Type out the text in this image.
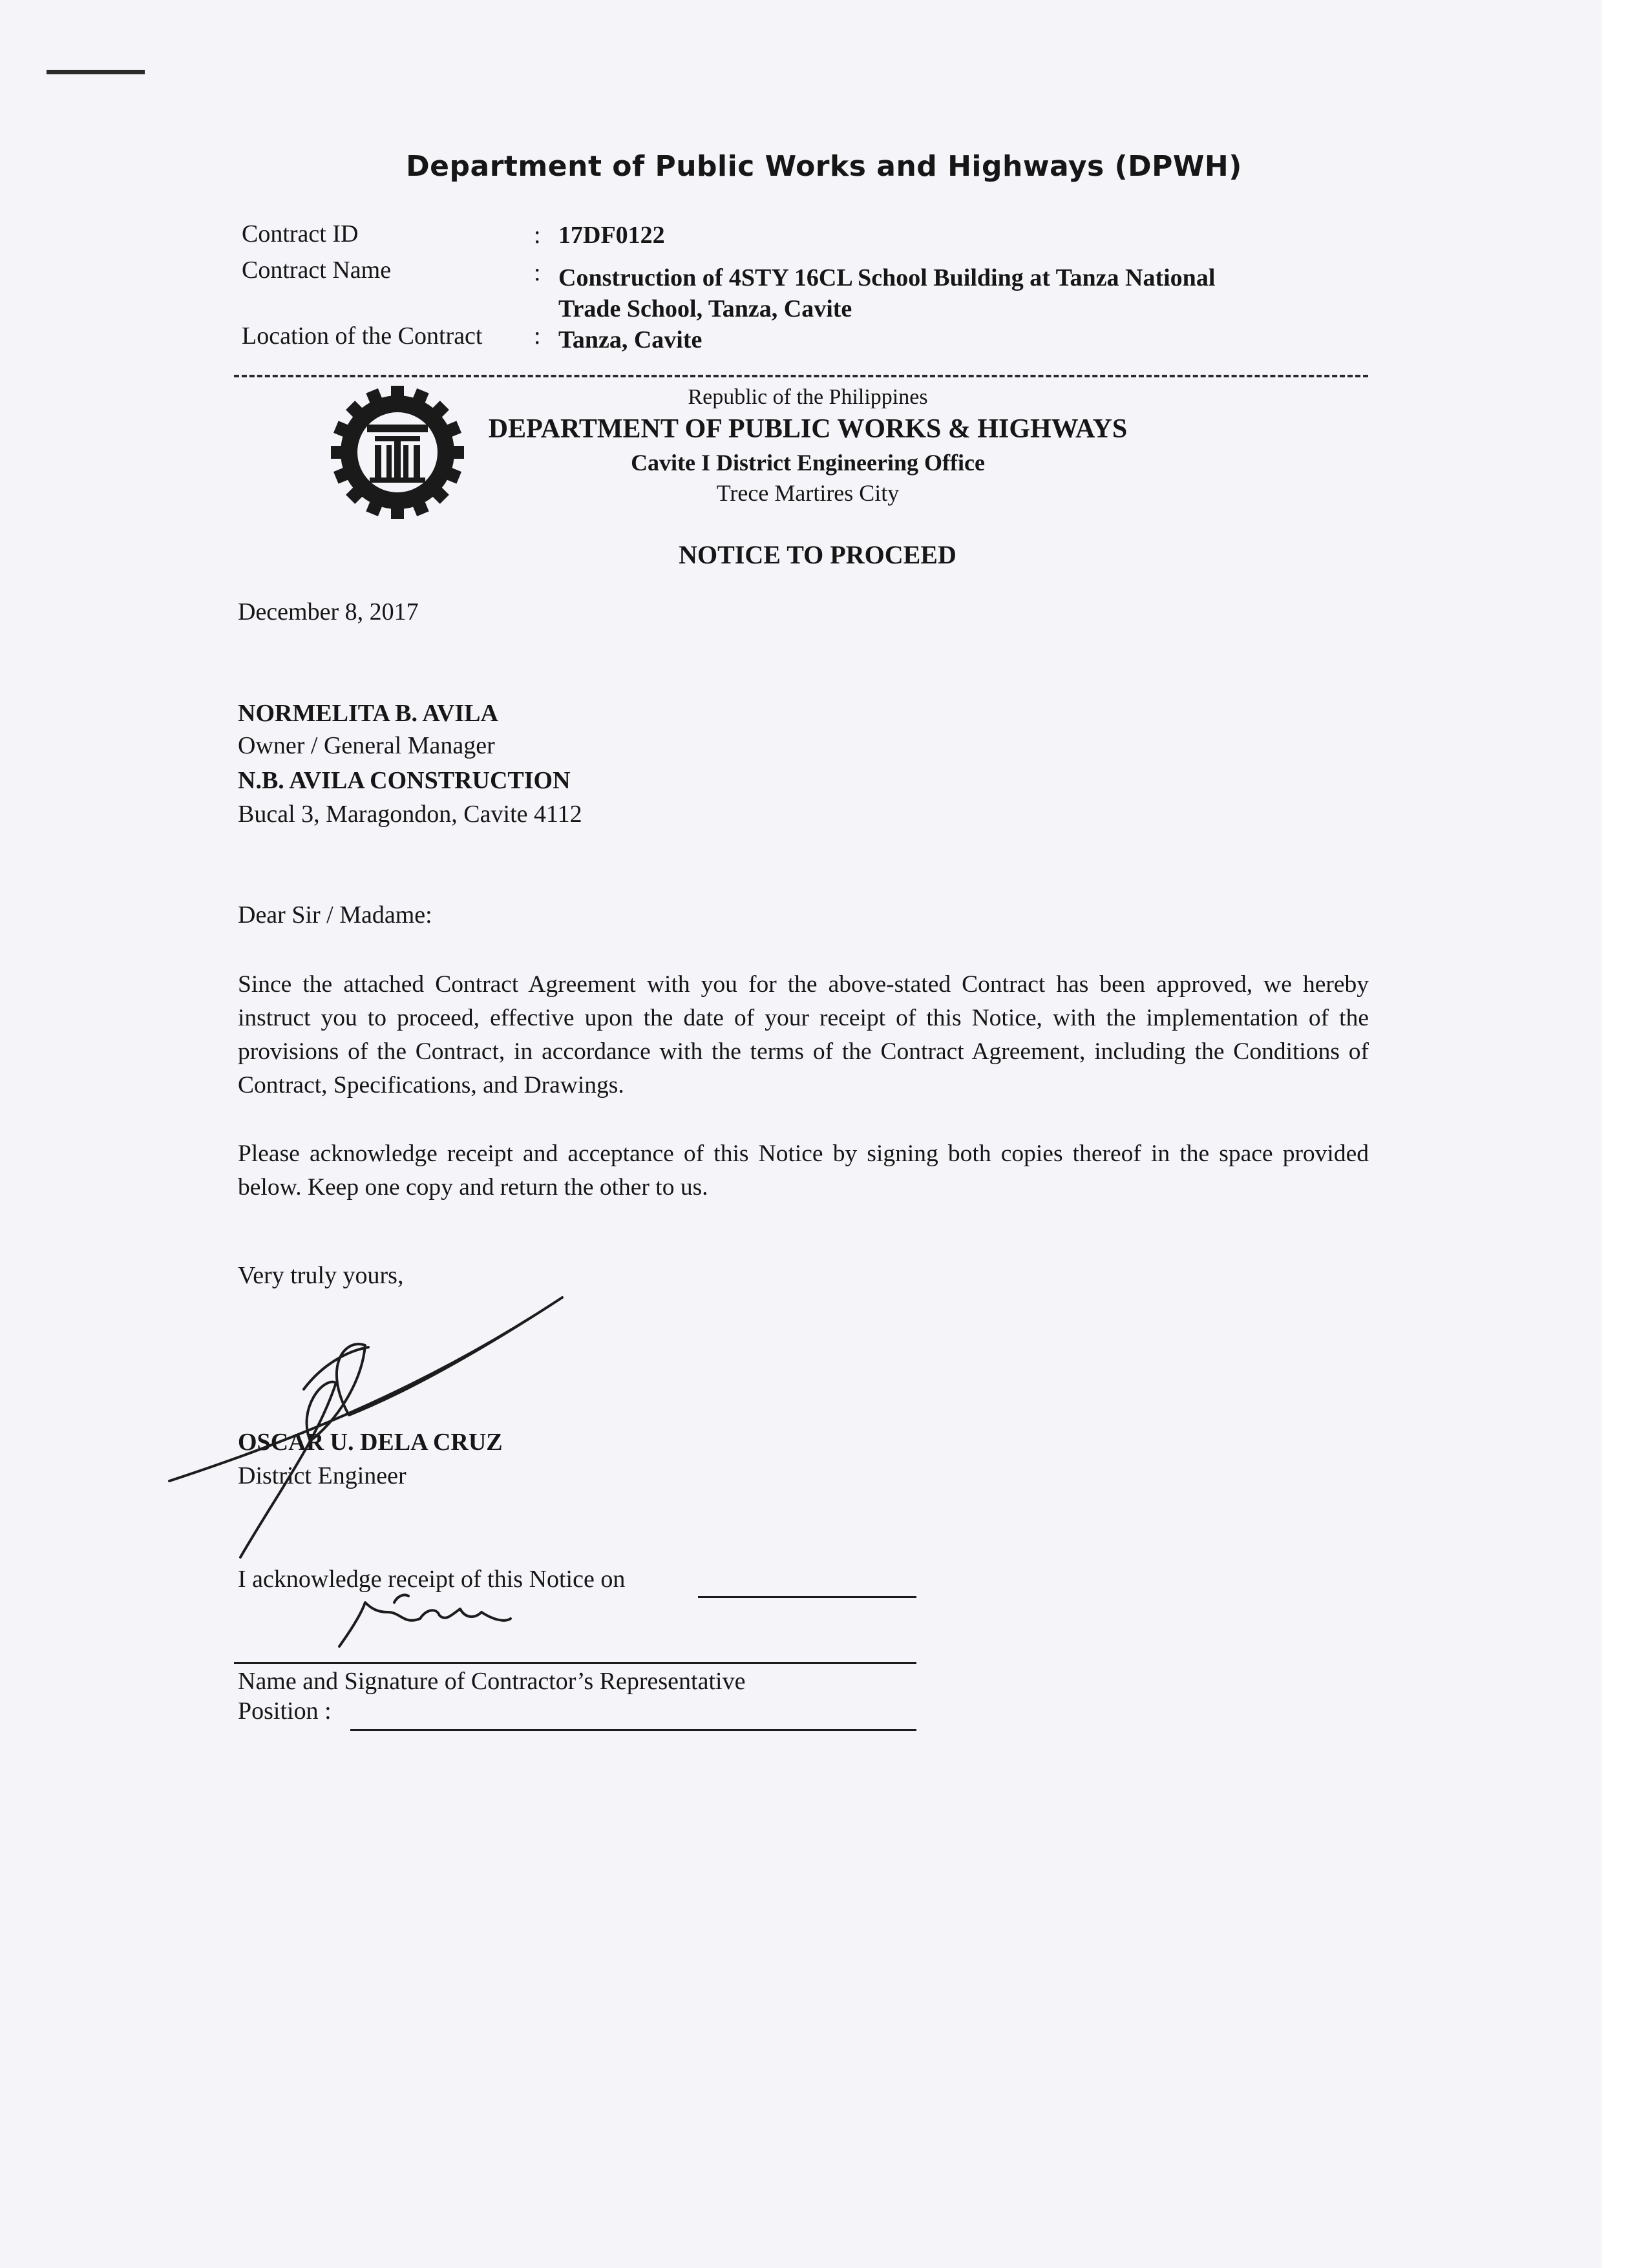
Department of Public Works and Highways (DPWH)
Contract ID	: 17DF0122
Contract Name	: Construction of 4STY 16CL School Building at Tanza National
Trade School, Tanza, Cavite
Location of the Contract : Tanza, Cavite
Republic of the Philippines
DEPARTMENT OF PUBLIC WORKS & HIGHWAYS
Cavite I District Engineering Office
Trece Martires City
NOTICE TO PROCEED
December 8, 2017
NORMELITA B. AVILA
Owner / General Manager
N.B. AVILA CONSTRUCTION
Bucal 3, Maragondon, Cavite 4112
Dear Sir / Madame:
Since the attached Contract Agreement with you for the above-stated Contract has been approved, we hereby instruct you to proceed, effective upon the date of your receipt of this Notice, with the implementation of the provisions of the Contract, in accordance with the terms of the Contract Agreement, including the Conditions of Contract, Specifications, and Drawings.
Please acknowledge receipt and acceptance of this Notice by signing both copies thereof in the space provided below. Keep one copy and return the other to us.
Very truly yours,
OSCAR U. DELA CRUZ
District Engineer
I acknowledge receipt of this Notice on
Name and Signature of Contractor’s Representative
Position :
